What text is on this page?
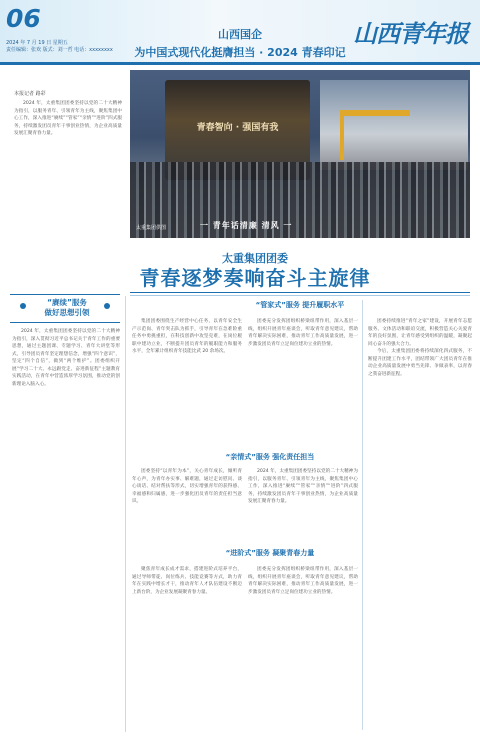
06
2024 年 7 月 19 日 星期五
责任编辑：张欢 版式：刘一哲 电话：xxxxxxxx
山西国企
为中国式现代化挺膺担当 · 2024 青春印记
山西青年报
本报记者 路彩

2024 年，太重集团团委坚持以党的二十大精神为指引，以服务青年、引领青年为主线，聚焦集团中心工作，深入推进“赓续”“管家”“亲情”“进阶”四式服务，持续激发团员青年干事创业热情，为企业高质量发展汇聚青春力量。

青春智向 · 强国有我
一 青年话清廉 清风 一
太重集团供图
太重集团团委
青春逐梦奏响奋斗主旋律
“赓续”服务
做好思想引领

2024 年，太重集团团委坚持以党的二十大精神为指引，深入贯彻习近平总书记关于青年工作的重要思想，通过主题团课、专题学习、青年大讲堂等形式，引导团员青年坚定理想信念，增强“四个意识”，坚定“四个自信”，做到“两个维护”。团委组织开展“学习二十大、永远跟党走、奋进新征程”主题教育实践活动，在青年中营造浓厚学习氛围，推动党的创新理论入脑入心。

“管家式”服务 提升履职水平

集团团委围绕生产经营中心任务，以青年安全生产示范岗、青年突击队为抓手，引导青年在急难险重任务中勇挑重担，在科技创新中攻坚克难，在岗位履职中建功立业，不断提升团员青年的履职能力和服务水平，全年累计组织青年技能比武 20 余场次。

团委充分发挥团组织桥梁纽带作用，深入基层一线，组织开展青年座谈会，听取青年意见建议，帮助青年解决实际困难，推动青年工作高质量发展，进一步激发团员青年立足岗位建功立业的热情。

团委持续推进“青年之家”建设，开展青年志愿服务、文体活动和联谊交流，积极营造关心关爱青年的良好氛围，让青年感受到组织的温暖，凝聚起同心奋斗的强大合力。

今后，太重集团团委将持续深化四式服务，不断提升团建工作水平，团结带领广大团员青年在推动企业高质量发展中勇当先锋、争做表率，以青春之我奋进新征程。

“亲情式”服务 强化责任担当

团委坚持“以青年为本”，关心青年成长，倾听青年心声，为青年办实事、解难题，通过走访慰问、谈心谈话、结对帮扶等形式，切实增强青年的获得感、幸福感和归属感，进一步强化团员青年的责任担当意识。

2024 年，太重集团团委坚持以党的二十大精神为指引，以服务青年、引领青年为主线，聚焦集团中心工作，深入推进“赓续”“管家”“亲情”“进阶”四式服务，持续激发团员青年干事创业热情，为企业高质量发展汇聚青春力量。

“进阶式”服务 凝聚青春力量

聚焦青年成长成才需求，搭建进阶式培养平台，通过导师带徒、岗位练兵、技能竞赛等方式，助力青年在实践中增长才干，推动青年人才队伍建设不断迈上新台阶，为企业发展凝聚青春力量。

团委充分发挥团组织桥梁纽带作用，深入基层一线，组织开展青年座谈会，听取青年意见建议，帮助青年解决实际困难，推动青年工作高质量发展，进一步激发团员青年立足岗位建功立业的热情。
